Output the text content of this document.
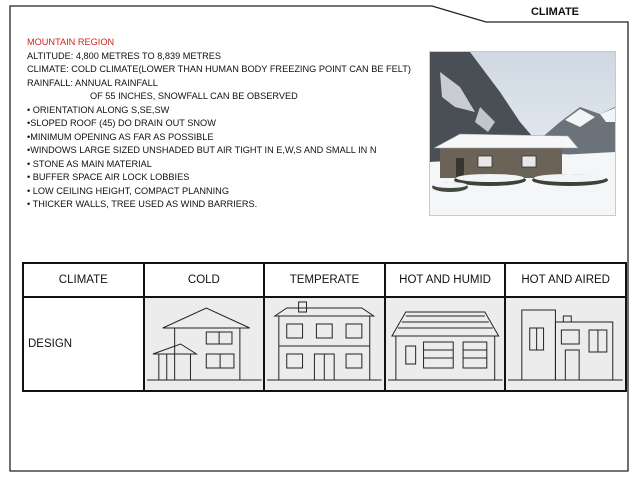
CLIMATE
MOUNTAIN REGION
ALTITUDE: 4,800 METRES TO 8,839 METRES
CLIMATE: COLD CLIMATE(LOWER THAN HUMAN BODY FREEZING POINT CAN BE FELT)
RAINFALL: ANNUAL RAINFALL
OF 55 INCHES, SNOWFALL CAN BE OBSERVED
• ORIENTATION ALONG S,SE,SW
•SLOPED ROOF (45) DO DRAIN OUT SNOW
•MINIMUM OPENING AS FAR AS POSSIBLE
•WINDOWS LARGE SIZED UNSHADED BUT AIR TIGHT IN E,W,S AND SMALL IN N
• STONE AS MAIN MATERIAL
• BUFFER SPACE AIR LOCK LOBBIES
• LOW CEILING HEIGHT, COMPACT PLANNING
• THICKER WALLS, TREE USED AS WIND BARRIERS.
CLIMATE	COLD	TEMPERATE	HOT AND HUMID	HOT AND AIRED
DESIGN	
